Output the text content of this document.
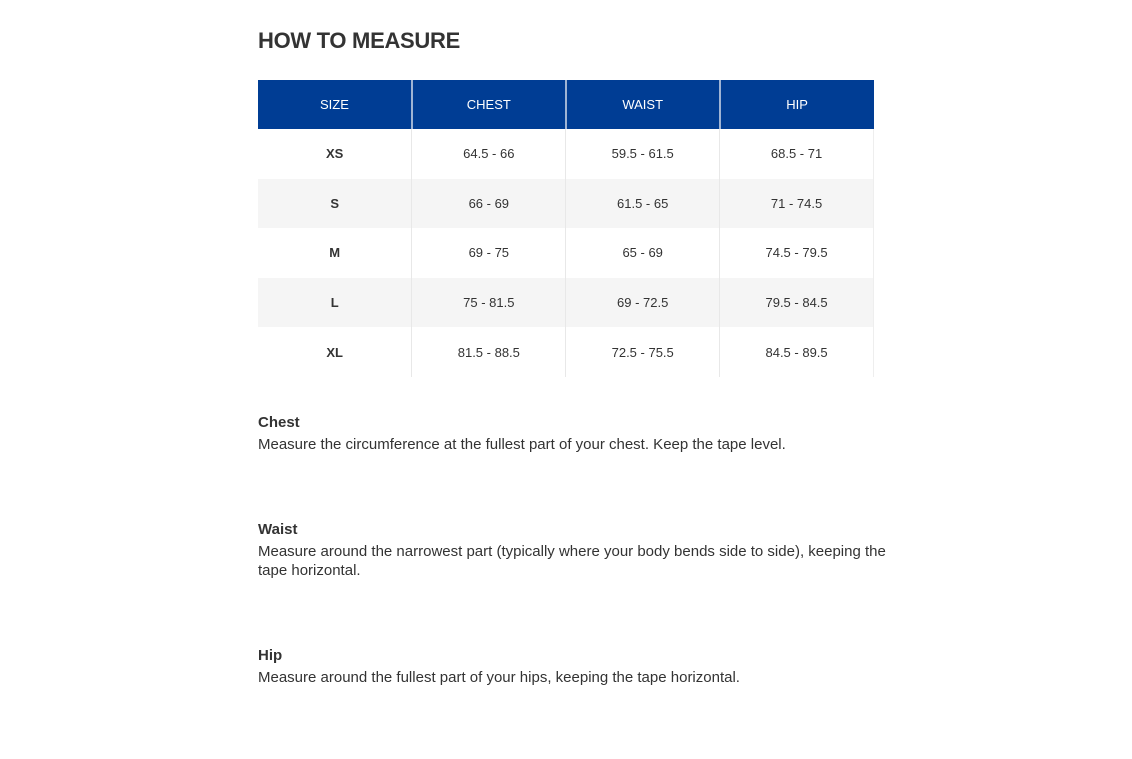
HOW TO MEASURE
SIZE	CHEST	WAIST	HIP
XS	64.5 - 66	59.5 - 61.5	68.5 - 71
S	66 - 69	61.5 - 65	71 - 74.5
M	69 - 75	65 - 69	74.5 - 79.5
L	75 - 81.5	69 - 72.5	79.5 - 84.5
XL	81.5 - 88.5	72.5 - 75.5	84.5 - 89.5

Chest

Measure the circumference at the fullest part of your chest. Keep the tape level.

Waist

Measure around the narrowest part (typically where your body bends side to side), keeping the tape horizontal.

Hip

Measure around the fullest part of your hips, keeping the tape horizontal.
